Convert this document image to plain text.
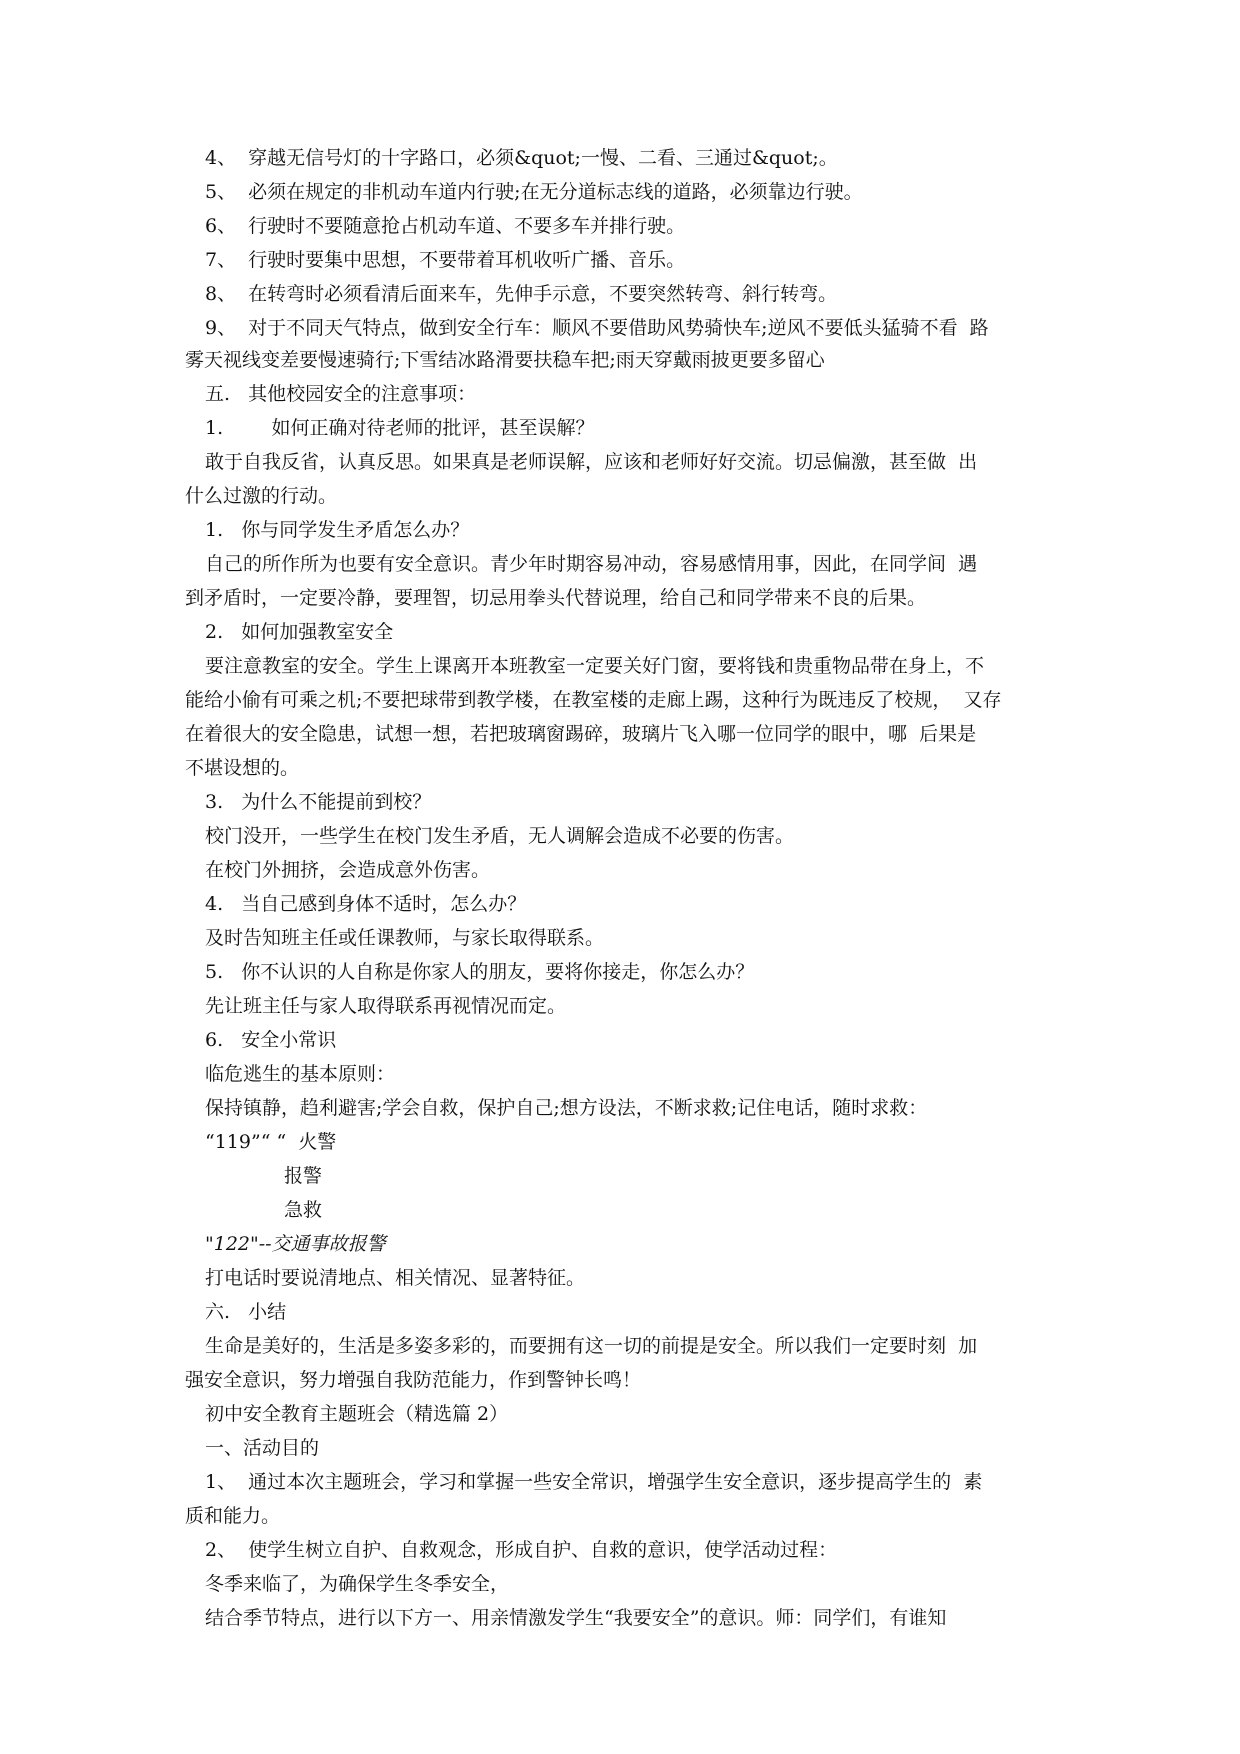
4、  穿越无信号灯的十字路口，必须&quot;一慢、二看、三通过&quot;。
5、  必须在规定的非机动车道内行驶;在无分道标志线的道路，必须靠边行驶。
6、  行驶时不要随意抢占机动车道、不要多车并排行驶。
7、  行驶时要集中思想，不要带着耳机收听广播、音乐。
8、  在转弯时必须看清后面来车，先伸手示意，不要突然转弯、斜行转弯。
9、  对于不同天气特点，做到安全行车：顺风不要借助风势骑快车;逆风不要低头猛骑不看  路
雾天视线变差要慢速骑行;下雪结冰路滑要扶稳车把;雨天穿戴雨披更要多留心
五.   其他校园安全的注意事项：
1.        如何正确对待老师的批评，甚至误解？
敢于自我反省，认真反思。如果真是老师误解，应该和老师好好交流。切忌偏激，甚至做  出
什么过激的行动。
1.   你与同学发生矛盾怎么办？
自己的所作所为也要有安全意识。青少年时期容易冲动，容易感情用事，因此，在同学间  遇
到矛盾时，一定要冷静，要理智，切忌用拳头代替说理，给自己和同学带来不良的后果。
2.   如何加强教室安全
要注意教室的安全。学生上课离开本班教室一定要关好门窗，要将钱和贵重物品带在身上，不
能给小偷有可乘之机;不要把球带到教学楼，在教室楼的走廊上踢，这种行为既违反了校规，  又存
在着很大的安全隐患，试想一想，若把玻璃窗踢碎，玻璃片飞入哪一位同学的眼中，哪  后果是
不堪设想的。
3.   为什么不能提前到校？
校门没开，一些学生在校门发生矛盾，无人调解会造成不必要的伤害。
在校门外拥挤，会造成意外伤害。
4.   当自己感到身体不适时，怎么办？
及时告知班主任或任课教师，与家长取得联系。
5.   你不认识的人自称是你家人的朋友，要将你接走，你怎么办？
先让班主任与家人取得联系再视情况而定。
6.   安全小常识
临危逃生的基本原则：
保持镇静，趋利避害;学会自救，保护自己;想方设法，不断求救;记住电话，随时求救：
“119”“ “  火警
报警
急救
"122"--交通事故报警
打电话时要说清地点、相关情况、显著特征。
六.   小结
生命是美好的，生活是多姿多彩的，而要拥有这一切的前提是安全。所以我们一定要时刻  加
强安全意识，努力增强自我防范能力，作到警钟长鸣！
初中安全教育主题班会（精选篇 2）
一、活动目的
1、  通过本次主题班会，学习和掌握一些安全常识，增强学生安全意识，逐步提高学生的  素
质和能力。
2、  使学生树立自护、自救观念，形成自护、自救的意识，使学活动过程：
冬季来临了，为确保学生冬季安全，
结合季节特点，进行以下方一、用亲情激发学生“我要安全”的意识。师：同学们，有谁知
